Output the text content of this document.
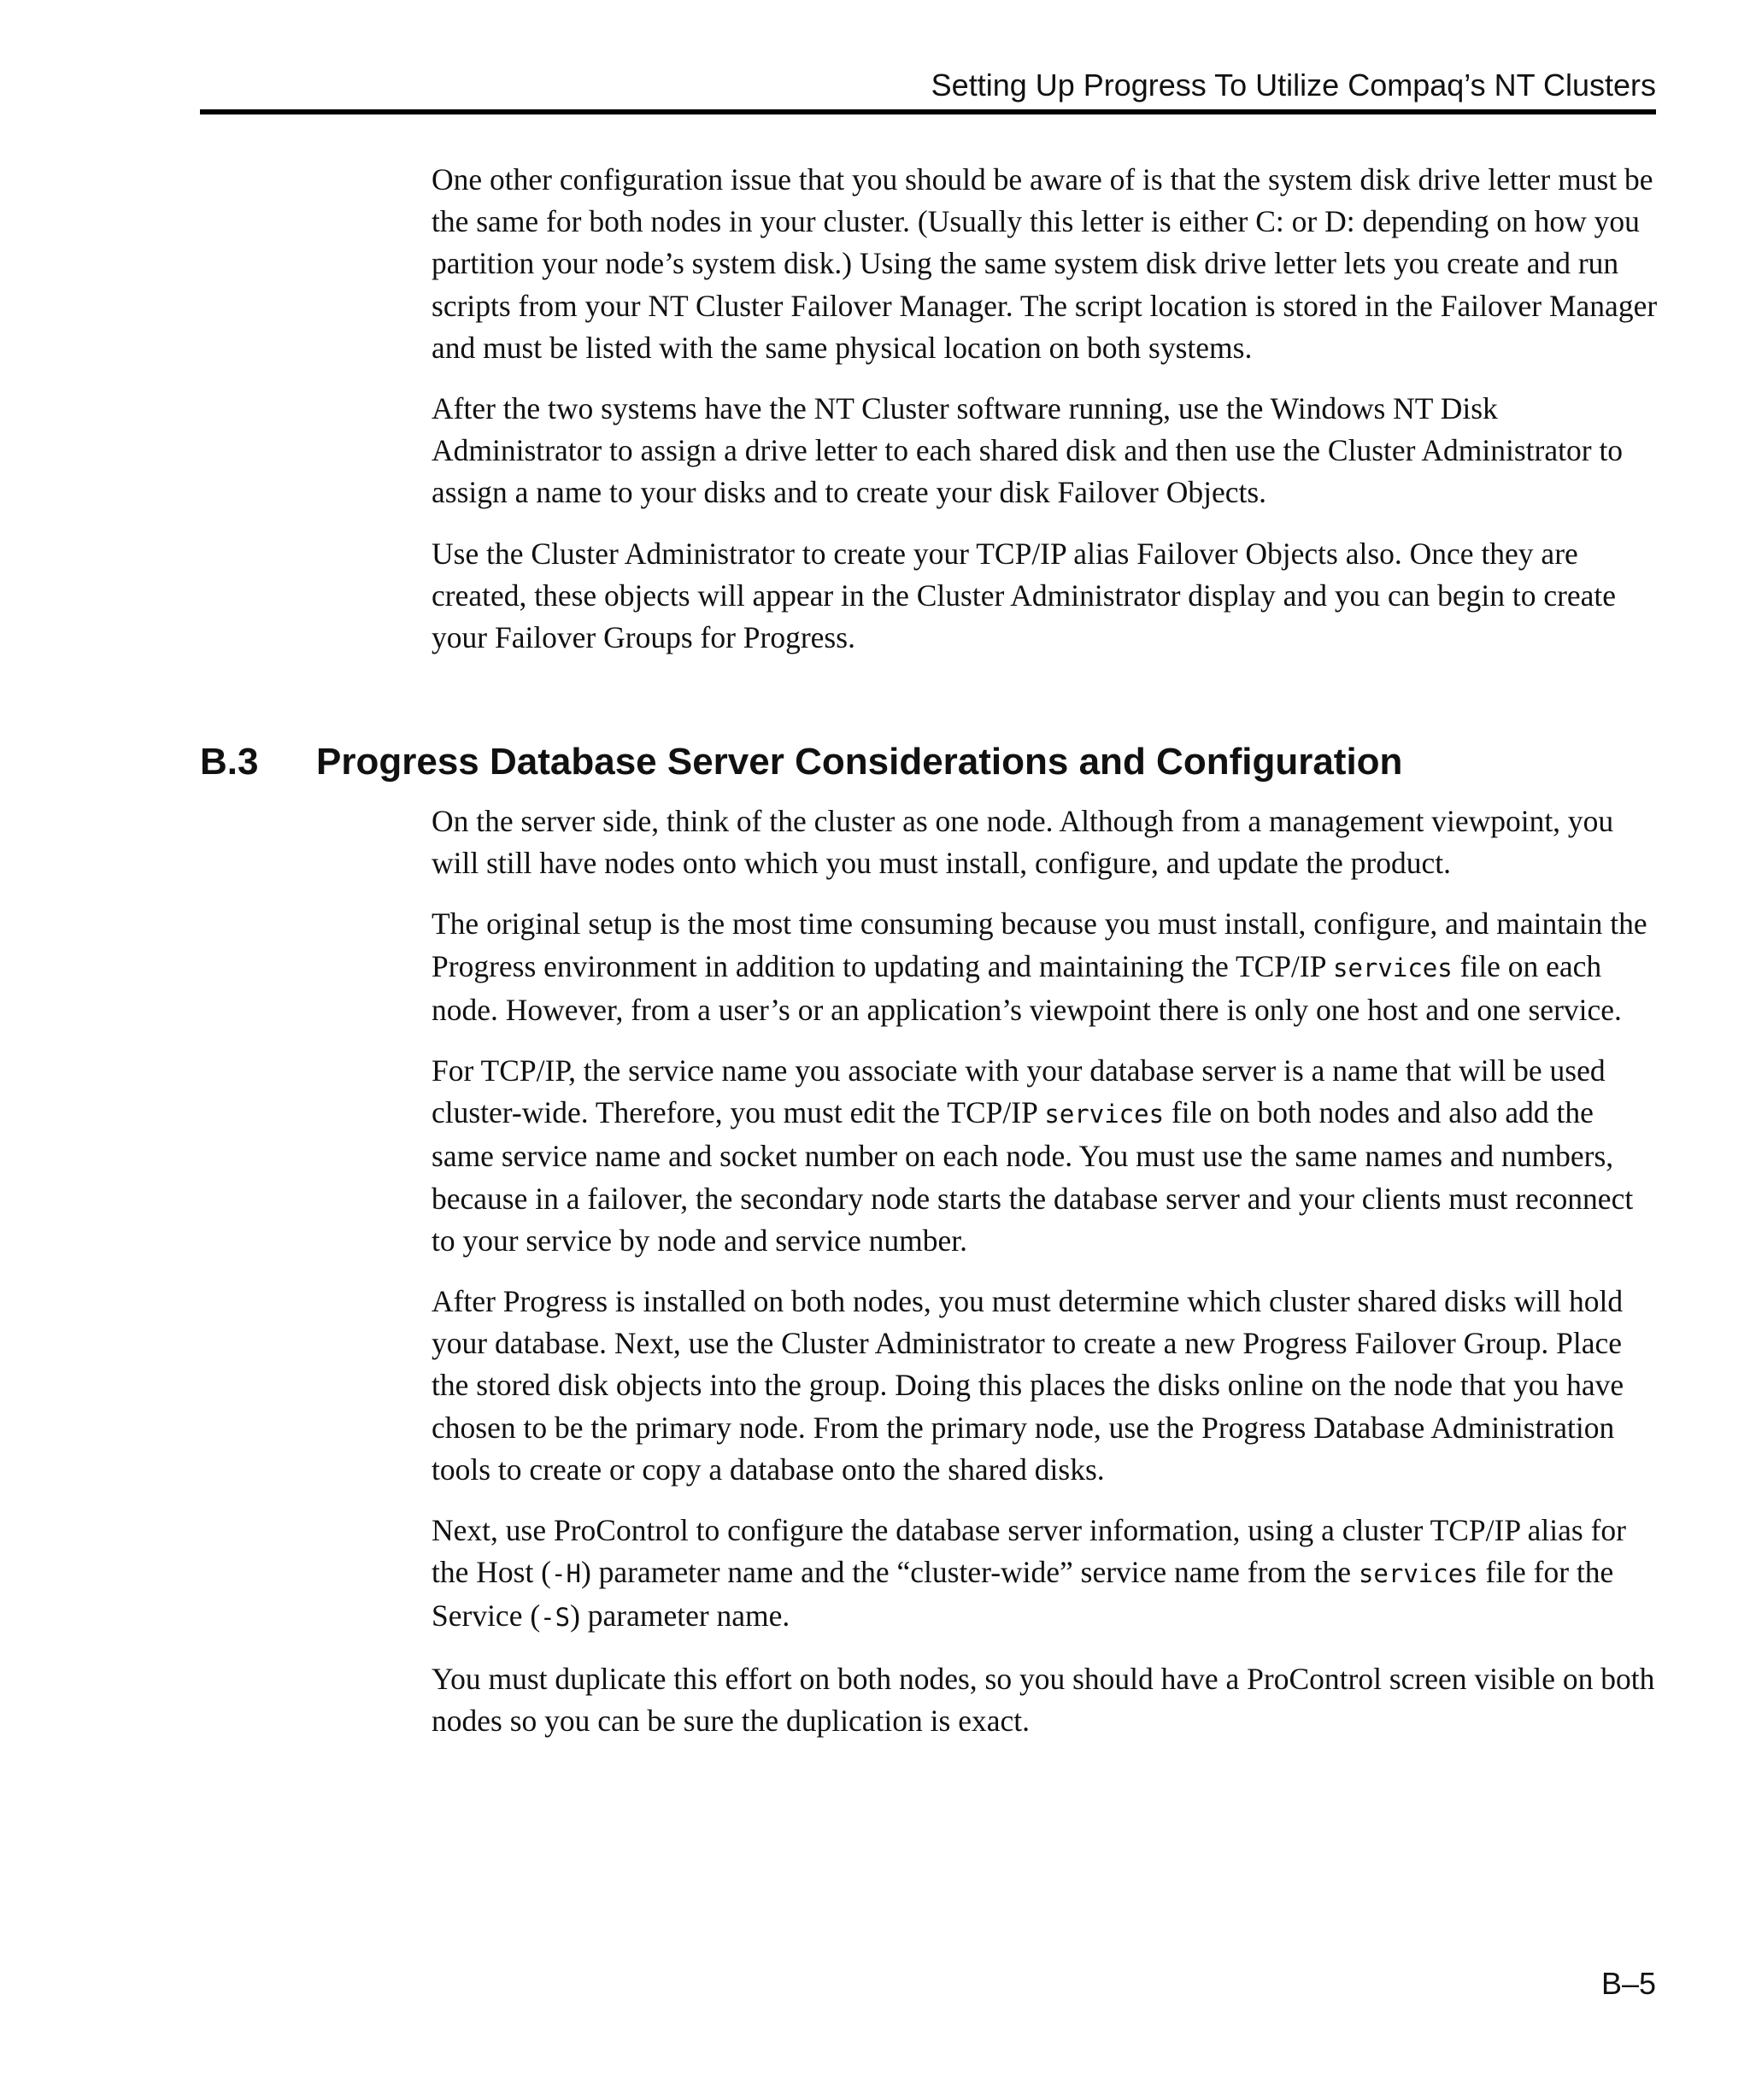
Setting Up Progress To Utilize Compaq’s NT Clusters

One other configuration issue that you should be aware of is that the system disk drive letter must be the same for both nodes in your cluster. (Usually this letter is either C: or D: depending on how you partition your node’s system disk.) Using the same system disk drive letter lets you create and run scripts from your NT Cluster Failover Manager. The script location is stored in the Failover Manager and must be listed with the same physical location on both systems.

After the two systems have the NT Cluster software running, use the Windows NT Disk Administrator to assign a drive letter to each shared disk and then use the Cluster Administrator to assign a name to your disks and to create your disk Failover Objects.

Use the Cluster Administrator to create your TCP/IP alias Failover Objects also. Once they are created, these objects will appear in the Cluster Administrator display and you can begin to create your Failover Groups for Progress.

B.3 Progress Database Server Considerations and Configuration

On the server side, think of the cluster as one node. Although from a management viewpoint, you will still have nodes onto which you must install, configure, and update the product.

The original setup is the most time consuming because you must install, configure, and maintain the Progress environment in addition to updating and maintaining the TCP/IP services file on each node. However, from a user’s or an application’s viewpoint there is only one host and one service.

For TCP/IP, the service name you associate with your database server is a name that will be used cluster-wide. Therefore, you must edit the TCP/IP services file on both nodes and also add the same service name and socket number on each node. You must use the same names and numbers, because in a failover, the secondary node starts the database server and your clients must reconnect to your service by node and service number.

After Progress is installed on both nodes, you must determine which cluster shared disks will hold your database. Next, use the Cluster Administrator to create a new Progress Failover Group. Place the stored disk objects into the group. Doing this places the disks online on the node that you have chosen to be the primary node. From the primary node, use the Progress Database Administration tools to create or copy a database onto the shared disks.

Next, use ProControl to configure the database server information, using a cluster TCP/IP alias for the Host (-H) parameter name and the “cluster-wide” service name from the services file for the Service (-S) parameter name.

You must duplicate this effort on both nodes, so you should have a ProControl screen visible on both nodes so you can be sure the duplication is exact.

B–5
